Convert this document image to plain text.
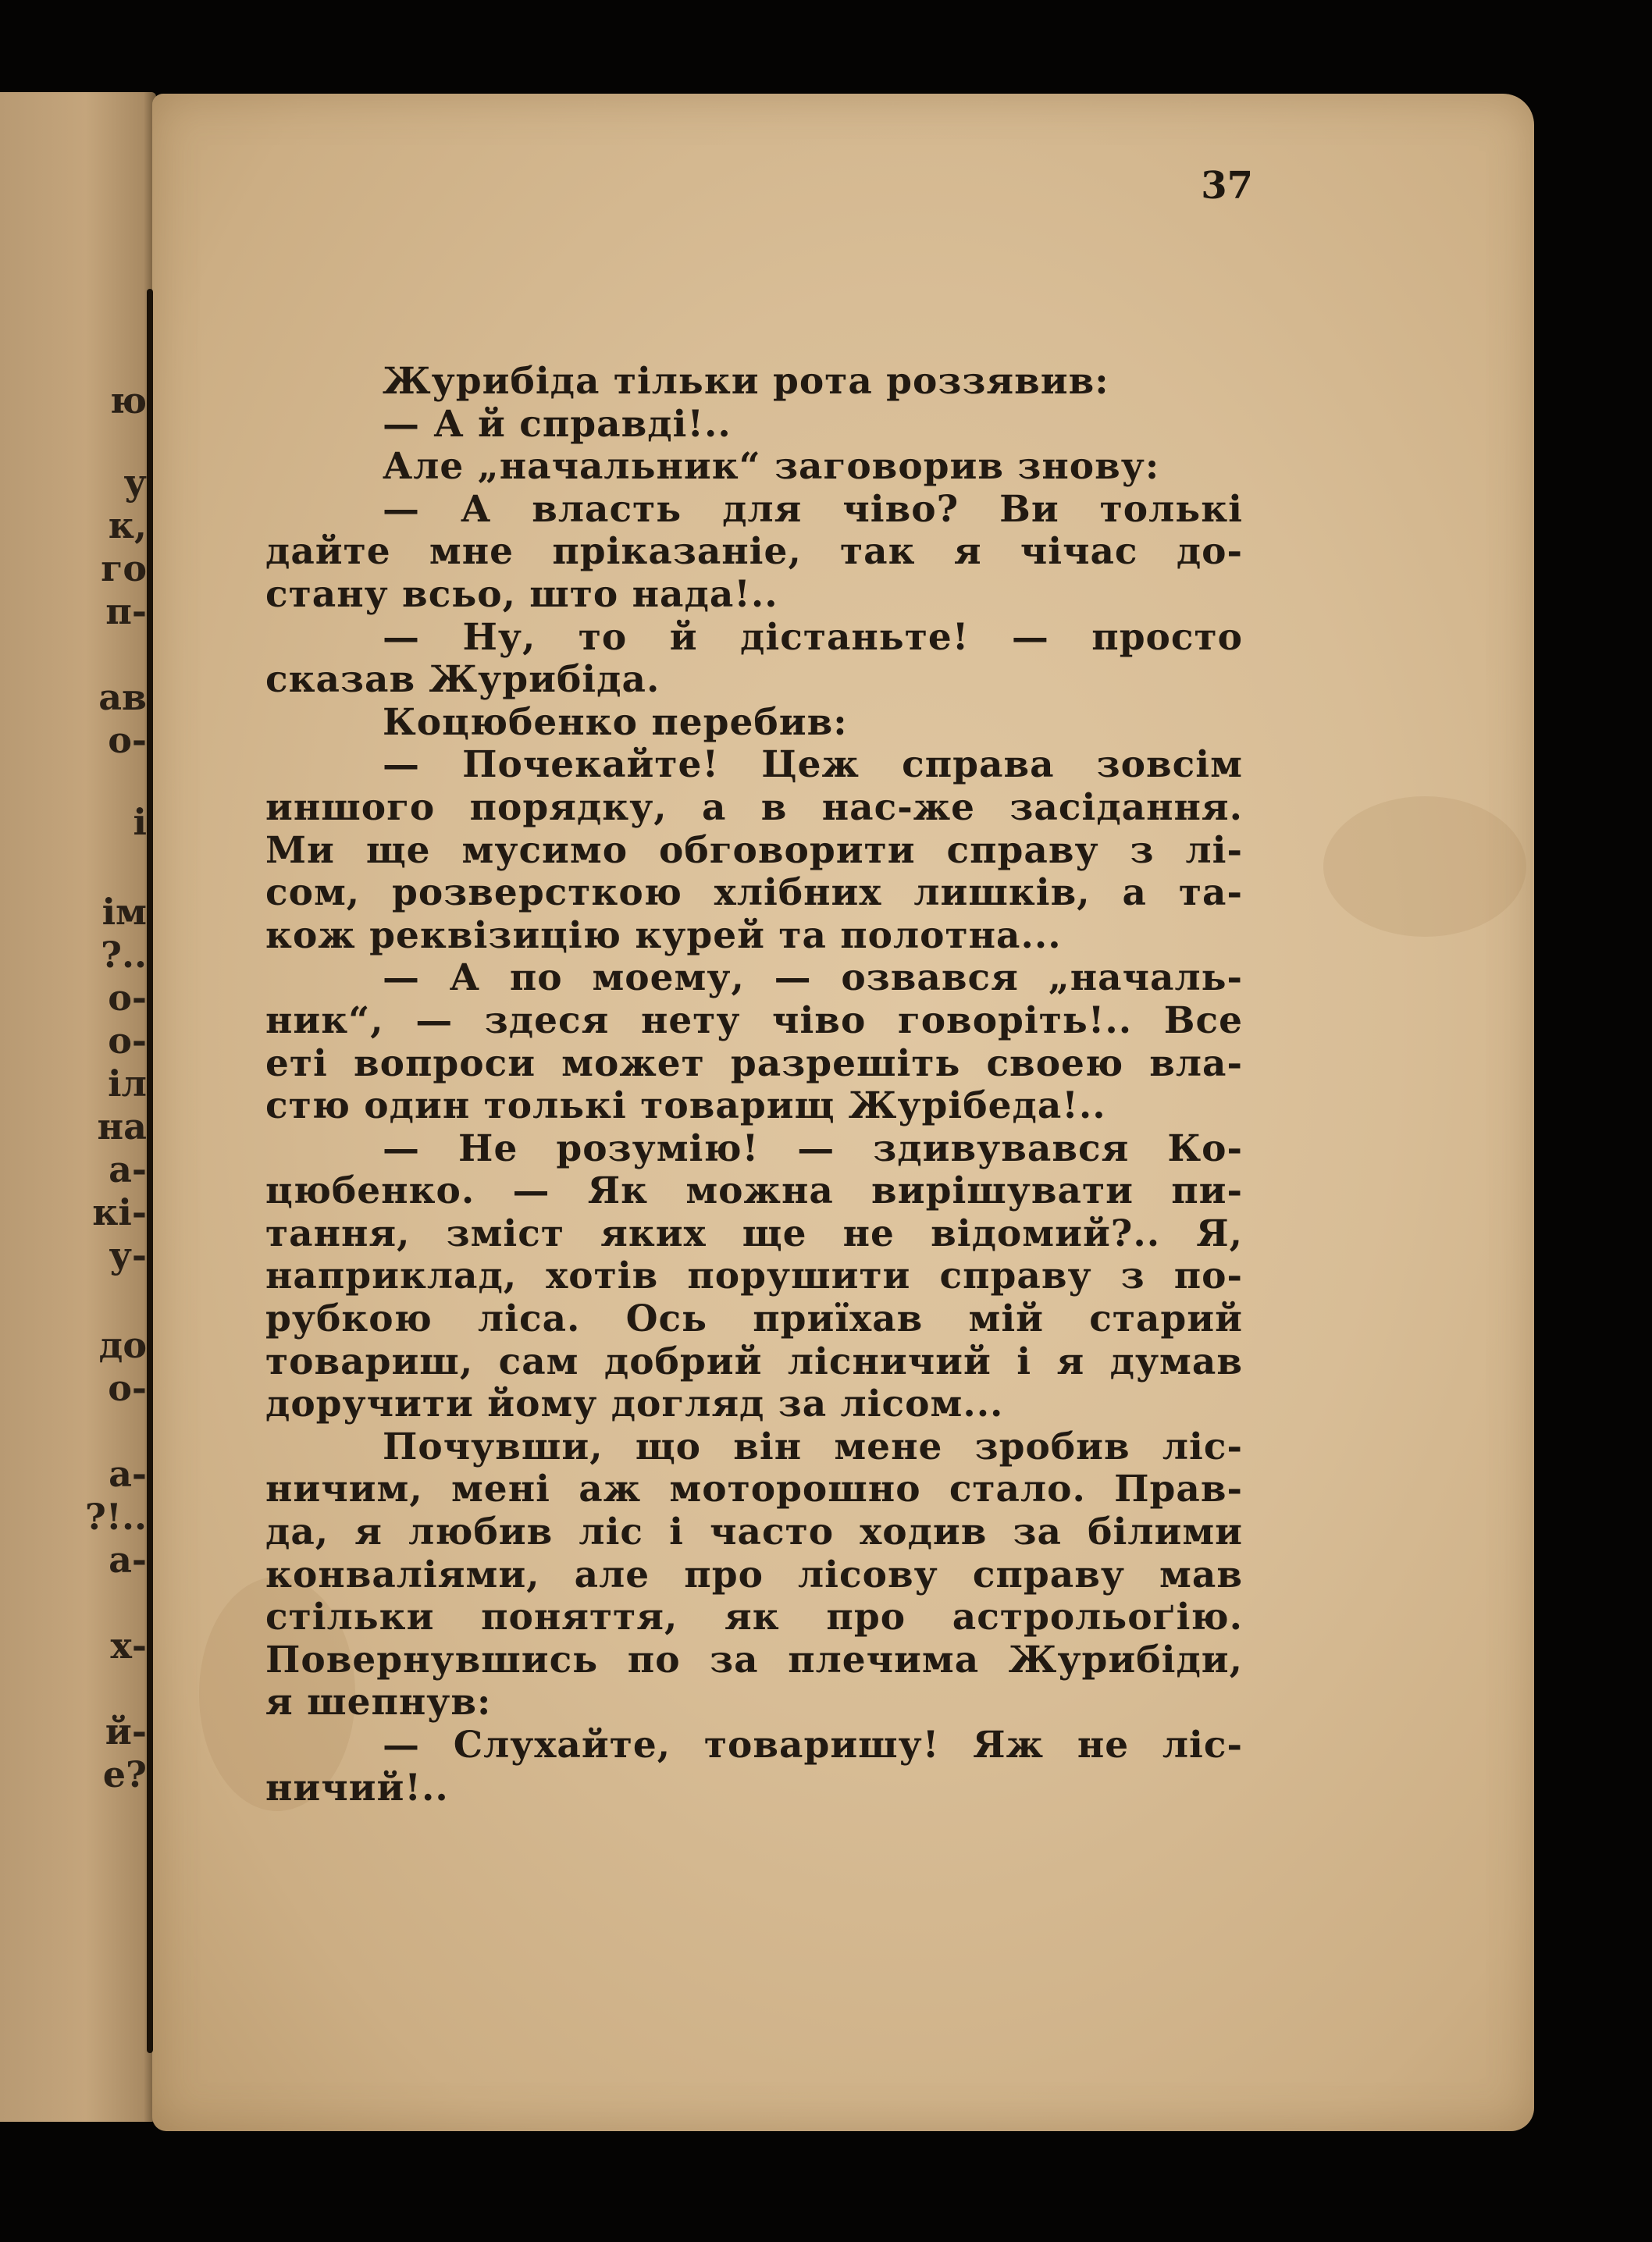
ю
у
к,
го
п-
ав
о-
і
ім
?..
о-
о-
іл
на
а-
кі-
у-
до
о-
а-
?!..
а-
х-
й-
е?
37
Журибіда тільки рота роззявив:
— А й справді!..
Але „начальник“ заговорив знову:
— А власть для чіво? Ви толькі
дайте мне пріказаніе, так я чічас до-
стану всьо, што нада!..
— Ну, то й дістаньте! — просто
сказав Журибіда.
Коцюбенко перебив:
— Почекайте! Цеж справа зовсім
иншого порядку, а в нас-же засідання.
Ми ще мусимо обговорити справу з лі-
сом, розверсткою хлібних лишків, а та-
кож реквізицію курей та полотна...
— А по моему, — озвався „началь-
ник“, — здеся нету чіво говоріть!.. Все
еті вопроси может разрешіть своею вла-
стю один толькі товарищ Журібеда!..
— Не розумію! — здивувався Ко-
цюбенко. — Як можна вирішувати пи-
тання, зміст яких ще не відомий?.. Я,
наприклад, хотів порушити справу з по-
рубкою ліса. Ось приїхав мій старий
товариш, сам добрий лісничий і я думав
доручити йому догляд за лісом...
Почувши, що він мене зробив ліс-
ничим, мені аж моторошно стало. Прав-
да, я любив ліс і часто ходив за білими
конваліями, але про лісову справу мав
стільки поняття, як про астрольоґію.
Повернувшись по за плечима Журибіди,
я шепнув:
— Слухайте, товаришу! Яж не ліс-
ничий!..
